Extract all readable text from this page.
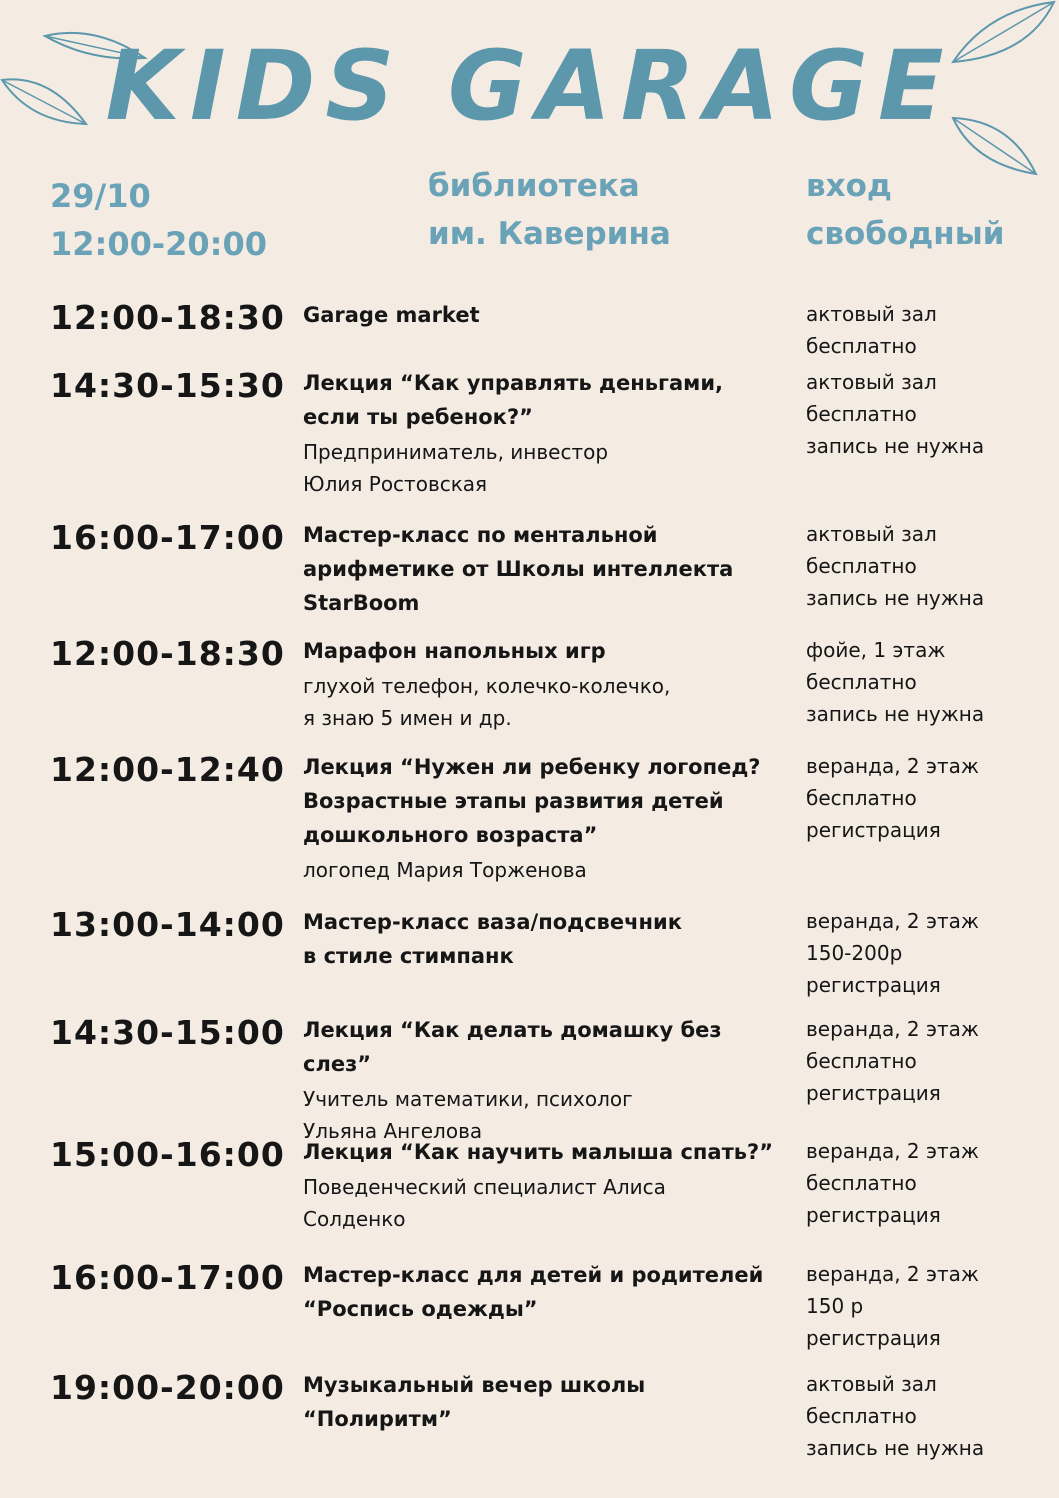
KIDS GARAGE
29/10
12:00-20:00
библиотека
им. Каверина
вход
свободный
12:00-18:30 Garage market	актовый зал
бесплатно
14:30-15:30 Лекция “Как управлять деньгами,
если ты ребенок?”
Предприниматель, инвестор
Юлия Ростовская
актовый зал
бесплатно
запись не нужна
16:00-17:00 Мастер-класс по ментальной
арифметике от Школы интеллекта
StarBoom
актовый зал
бесплатно
запись не нужна
12:00-18:30 Марафон напольных игр
глухой телефон, колечко-колечко,
я знаю 5 имен и др.
фойе, 1 этаж
бесплатно
запись не нужна
12:00-12:40 Лекция “Нужен ли ребенку логопед?
Возрастные этапы развития детей
дошкольного возраста”
логопед Мария Торженова
веранда, 2 этаж
бесплатно
регистрация
13:00-14:00 Мастер-класс ваза/подсвечник
в стиле стимпанк
веранда, 2 этаж
150-200р
регистрация
14:30-15:00 Лекция “Как делать домашку без слез”
Учитель математики, психолог
Ульяна Ангелова
веранда, 2 этаж
бесплатно
регистрация
15:00-16:00 Лекция “Как научить малыша спать?”
Поведенческий специалист Алиса
Солденко
веранда, 2 этаж
бесплатно
регистрация
16:00-17:00 Мастер-класс для детей и родителей
“Роспись одежды”
веранда, 2 этаж
150 р
регистрация
19:00-20:00 Музыкальный вечер школы
“Полиритм”
актовый зал
бесплатно
запись не нужна
